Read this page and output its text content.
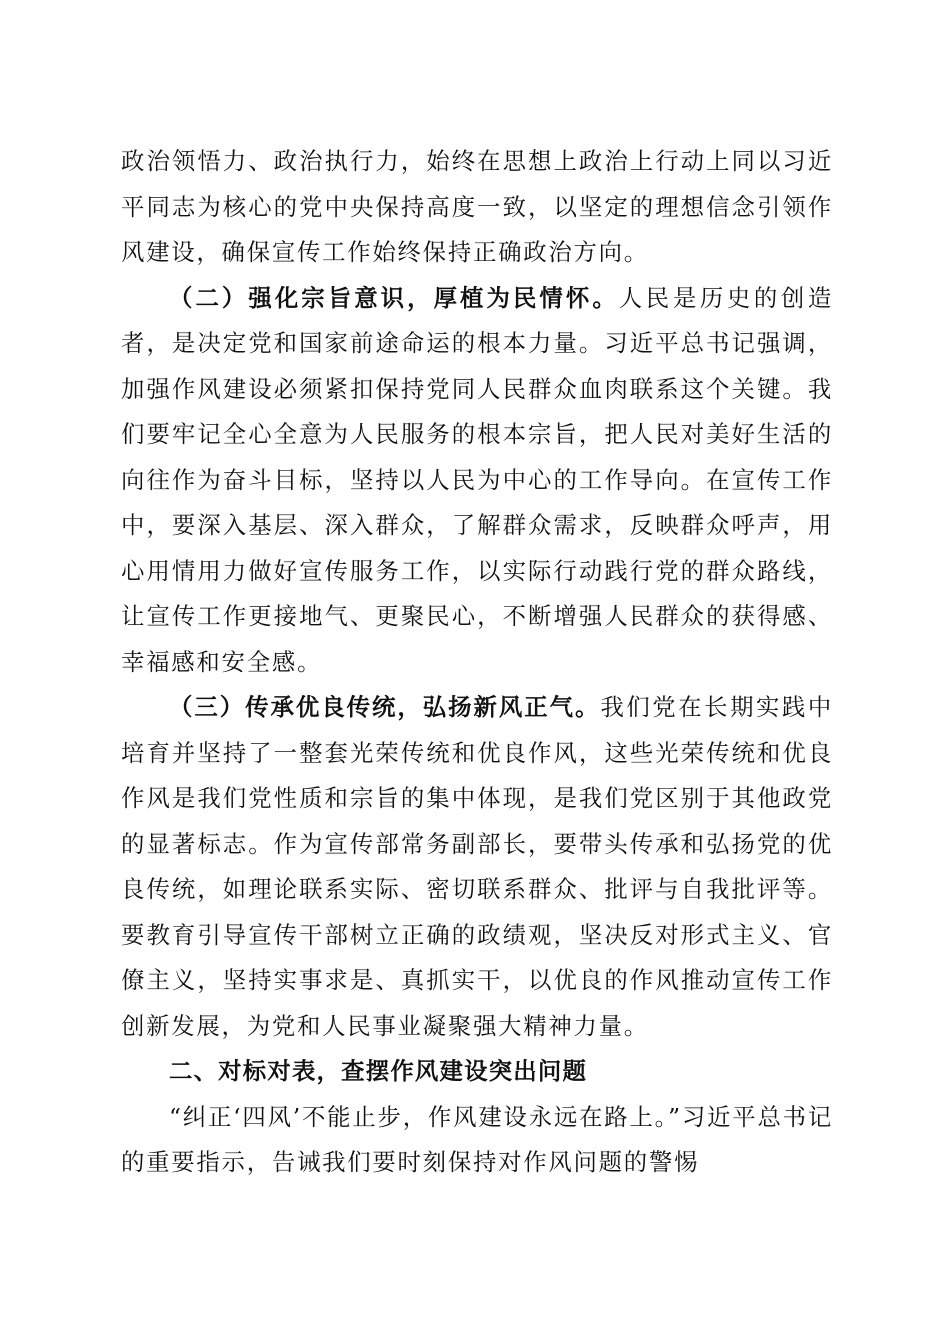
政治领悟力、政治执行力，始终在思想上政治上行动上同以习近平同志为核心的党中央保持高度一致，以坚定的理想信念引领作风建设，确保宣传工作始终保持正确政治方向。

（二）强化宗旨意识，厚植为民情怀。人民是历史的创造者，是决定党和国家前途命运的根本力量。习近平总书记强调，加强作风建设必须紧扣保持党同人民群众血肉联系这个关键。我们要牢记全心全意为人民服务的根本宗旨，把人民对美好生活的向往作为奋斗目标，坚持以人民为中心的工作导向。在宣传工作中，要深入基层、深入群众，了解群众需求，反映群众呼声，用心用情用力做好宣传服务工作，以实际行动践行党的群众路线，让宣传工作更接地气、更聚民心，不断增强人民群众的获得感、幸福感和安全感。

（三）传承优良传统，弘扬新风正气。我们党在长期实践中培育并坚持了一整套光荣传统和优良作风，这些光荣传统和优良作风是我们党性质和宗旨的集中体现，是我们党区别于其他政党的显著标志。作为宣传部常务副部长，要带头传承和弘扬党的优良传统，如理论联系实际、密切联系群众、批评与自我批评等。要教育引导宣传干部树立正确的政绩观，坚决反对形式主义、官僚主义，坚持实事求是、真抓实干，以优良的作风推动宣传工作创新发展，为党和人民事业凝聚强大精神力量。

二、对标对表，查摆作风建设突出问题

“纠正‘四风’不能止步，作风建设永远在路上。”习近平总书记的重要指示，告诫我们要时刻保持对作风问题的警惕
